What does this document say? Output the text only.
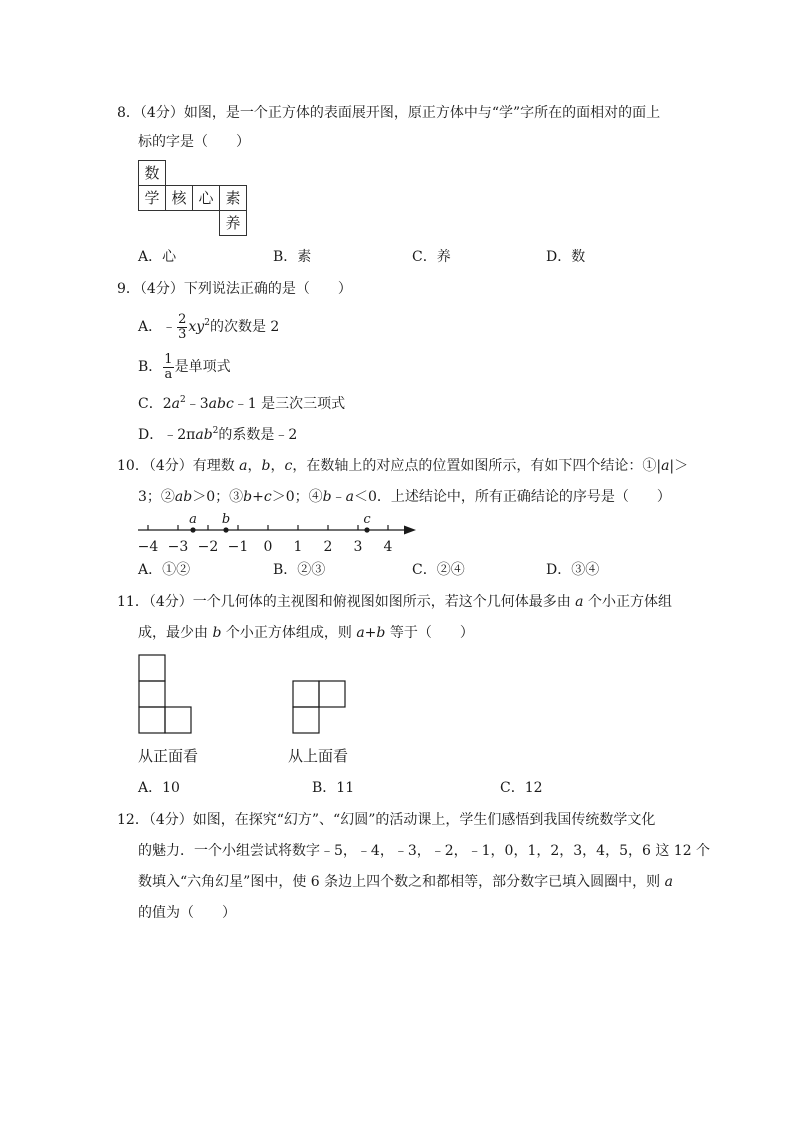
8．（4分）如图，是一个正方体的表面展开图，原正方体中与“学”字所在的面相对的面上
标的字是（　　）
数
学 核 心 素
养
A．心	B．素	C．养	D．数
9．（4分）下列说法正确的是（　　）
A．﹣ $\frac{2}{3} xy^2$的次数是 2
B． $\frac{1}{a}$ 是单项式
C．$2a^2﹣3abc﹣1$ 是三次三项式
D．﹣2πab$^2$的系数是﹣2
10．（4分）有理数 a，b，c，在数轴上的对应点的位置如图所示，有如下四个结论：①|a|＞
3；②ab＞0；③b+c＞0；④b﹣a＜0．上述结论中，所有正确结论的序号是（　　）
−4 −3 −2 −1 0 1 2 3 4
a b	c
A．①②	B．②③	C．②④	D．③④
11．（4分）一个几何体的主视图和俯视图如图所示，若这个几何体最多由 a 个小正方体组
成，最少由 b 个小正方体组成，则 a+b 等于（　　）
从正面看	从上面看
A．10	B．11	C．12
12．（4分）如图，在探究“幻方”、“幻圆”的活动课上，学生们感悟到我国传统数学文化
的魅力．一个小组尝试将数字﹣5，﹣4，﹣3，﹣2，﹣1，0，1，2，3，4，5，6 这 12 个
数填入“六角幻星”图中，使 6 条边上四个数之和都相等，部分数字已填入圆圈中，则 a
的值为（　　）
